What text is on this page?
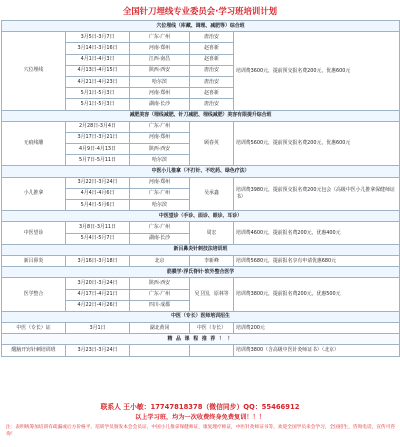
全国针刀埋线专业委员会·学习班培训计划
穴位埋线（库藏、调理、减肥等）综合班				
穴位埋线	3月5日-3月7日	广东·广州	唐治安	培训费3600元，提前预交报名费200元，优惠600元
	3月14日-3月16日	河南·郑州	赵喜新	
	4月1日-4月3日	江西·南昌	赵喜新	
	4月13日-4月15日	陕西·西安	唐治安	
	4月21日-4月23日	哈尔滨	唐治安	
	5月1日-5月3日	河南·郑州	赵喜新	
	5月1日-5月3日	湖南·长沙	唐治安	
减肥美容（埋线减肥、针刀减肥、埋线减肥）美容有限提升综合班				
无痕线雕	2月28日-3月4日	广东·广州	顾春英	培训费5600元，提前预交报名费200元，优惠600元
	3月17日-3月21日	河南·郑州		
	4月9日-4月13日	陕西·西安		
	5月7日-5月11日	哈尔滨		
中医小儿推拿（不打针、不吃药、绿色疗法）				
小儿推拿	3月22日-3月24日	河南·郑州	吴承鑫	培训费3980元，提前预交报名费200元包会（高级中医小儿推拿保健师证书）
	4月4日-4月6日	广东·广州		
	5月4日-5月6日	哈尔滨		
中医望诊（手诊、面诊、眼诊、耳诊）				
中医望诊	3月8日-3月11日	广东·广州	周宏	培训费4600元，提前报名费200元，优惠400元
	5月4日-5月7日	湖南·长沙		
新吕鼻炎针刺技法培训班				
新吕鼻炎	3月16日-3月18日	北京	李新峰	培训费5680元，提前报名享有申请优惠680元
筋膜学·浮氏脊针·软外整合医学				
医学整合	3月20日-3月24日	陕西·西安	吴卫国，原林等	培训费3800元，提前报名费200元，优惠500元
	4月17日-4月21日	广东·广州		
	4月22日-4月26日	四川·成都		
中医（专长）医师培训招生				
中医（专长）证	3月1日	湖北黄冈	中医（专长）	培训费200元
精 品 课 程 推 荐 ！ ！				
醒脑开窍针刺培训班	3月23日-3月24日			培训费3800（含高级中医针灸师证书）（北京）
联系人 王小敏：17747818378（微信同步）QQ：55466912
以上学习班，均为一次收费终身免费复训！！！
注：表明统筹加培训有疏漏或后方价格平，培训学员颁发本会会员证，中国小儿推拿保健师证，康复理疗师证，中医针灸师证书等，欢迎全国学员来会学习，全国招生，咨询电话，宣传可咨询！
